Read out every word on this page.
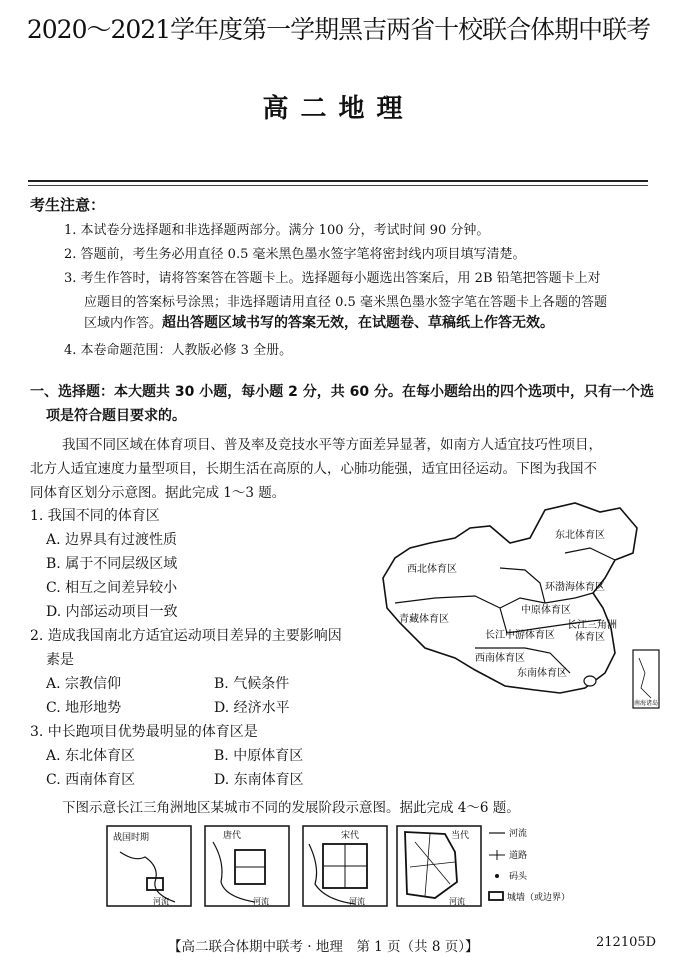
2020～2021学年度第一学期黑吉两省十校联合体期中联考
高二地理
考生注意：
1. 本试卷分选择题和非选择题两部分。满分 100 分，考试时间 90 分钟。
2. 答题前，考生务必用直径 0.5 毫米黑色墨水签字笔将密封线内项目填写清楚。
3. 考生作答时，请将答案答在答题卡上。选择题每小题选出答案后，用 2B 铅笔把答题卡上对
应题目的答案标号涂黑；非选择题请用直径 0.5 毫米黑色墨水签字笔在答题卡上各题的答题
区域内作答。超出答题区域书写的答案无效，在试题卷、草稿纸上作答无效。
4. 本卷命题范围：人教版必修 3 全册。
一、选择题：本大题共 30 小题，每小题 2 分，共 60 分。在每小题给出的四个选项中，只有一个选
项是符合题目要求的。
我国不同区域在体育项目、普及率及竞技水平等方面差异显著，如南方人适宜技巧性项目，
北方人适宜速度力量型项目，长期生活在高原的人，心肺功能强，适宜田径运动。下图为我国不
同体育区划分示意图。据此完成 1～3 题。
1. 我国不同的体育区
A. 边界具有过渡性质
B. 属于不同层级区域
C. 相互之间差异较小
D. 内部运动项目一致
2. 造成我国南北方适宜运动项目差异的主要影响因
素是
A. 宗教信仰	B. 气候条件
C. 地形地势	D. 经济水平
3. 中长跑项目优势最明显的体育区是
A. 东北体育区	B. 中原体育区
C. 西南体育区	D. 东南体育区
东北体育区
西北体育区
环渤海体育区
青藏体育区
中原体育区
长江三角洲
体育区
长江中游体育区
西南体育区
东南体育区
南海诸岛
下图示意长江三角洲地区某城市不同的发展阶段示意图。据此完成 4～6 题。
战国时期
河流
唐代
河流
宋代
河流
当代
河流
河流
道路
码头
城墙（或边界）
【高二联合体期中联考 · 地理　第 1 页（共 8 页）】	212105D
